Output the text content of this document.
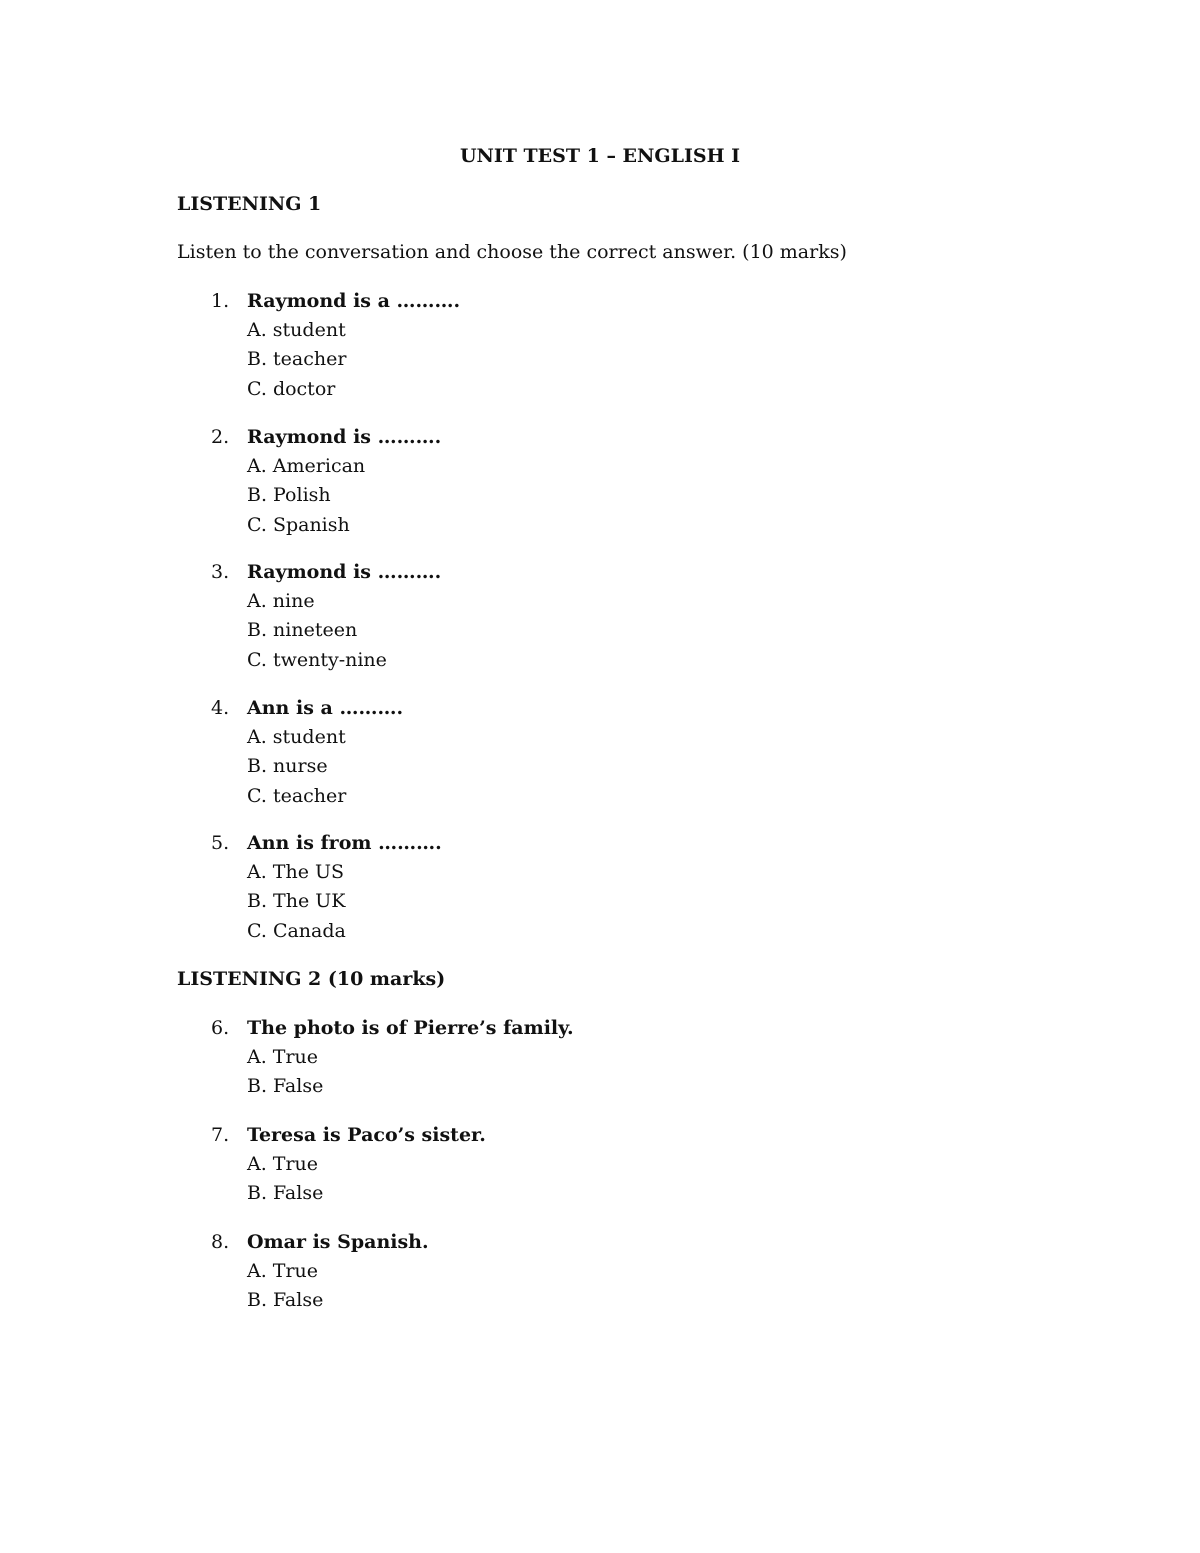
UNIT TEST 1 – ENGLISH I
LISTENING 1
Listen to the conversation and choose the correct answer. (10 marks)
1. Raymond is a ……….
A. student
B. teacher
C. doctor
2. Raymond is ……….
A. American
B. Polish
C. Spanish
3. Raymond is ……….
A. nine
B. nineteen
C. twenty-nine
4. Ann is a ……….
A. student
B. nurse
C. teacher
5. Ann is from ……….
A. The US
B. The UK
C. Canada
LISTENING 2 (10 marks)
6. The photo is of Pierre’s family.
A. True
B. False
7. Teresa is Paco’s sister.
A. True
B. False
8. Omar is Spanish.
A. True
B. False
